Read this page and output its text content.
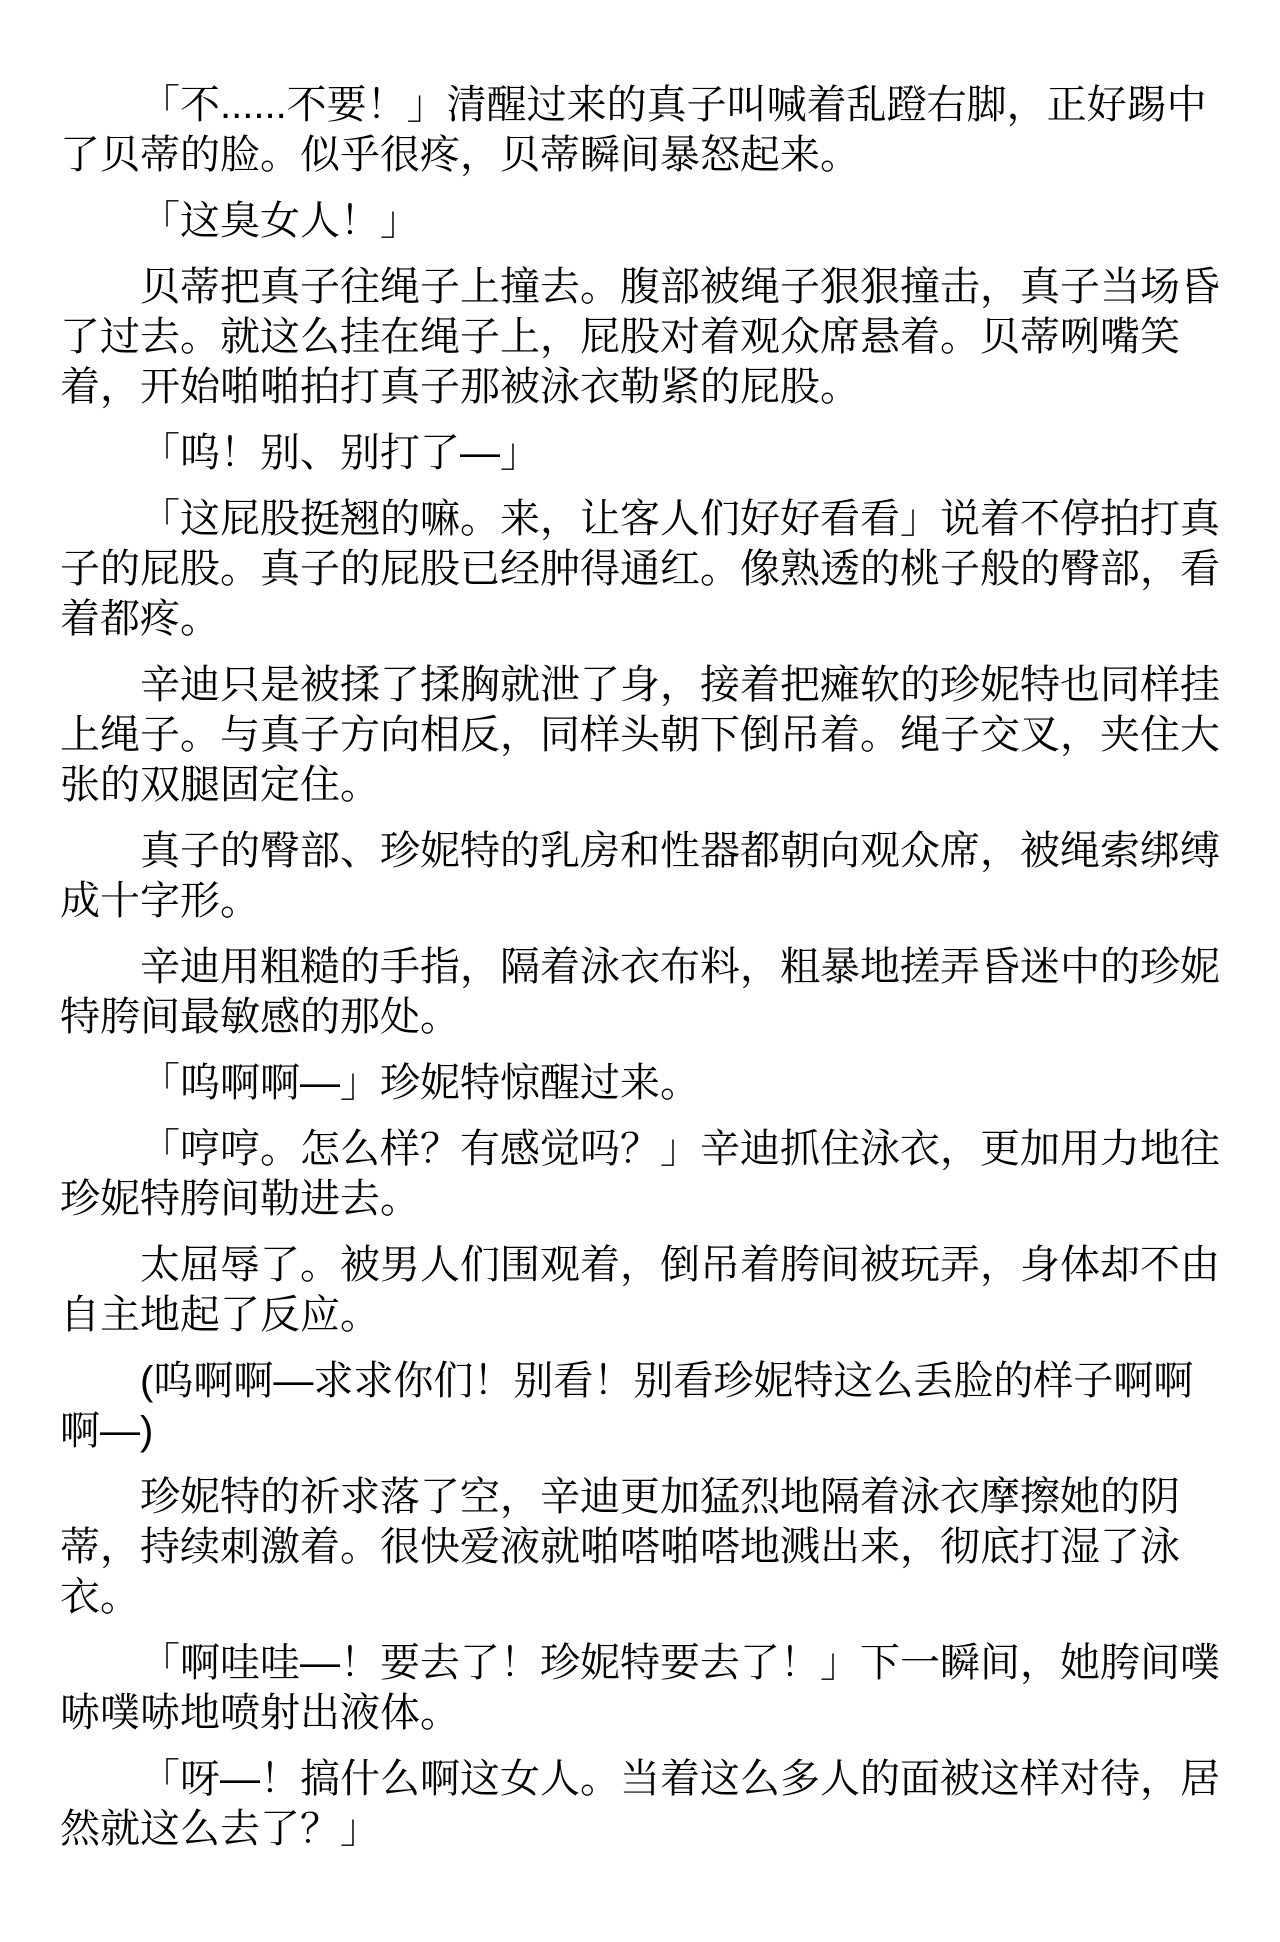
「不......不要！」清醒过来的真子叫喊着乱蹬右脚，正好踢中
了贝蒂的脸。似乎很疼，贝蒂瞬间暴怒起来。

「这臭女人！」

贝蒂把真子往绳子上撞去。腹部被绳子狠狠撞击，真子当场昏
了过去。就这么挂在绳子上，屁股对着观众席悬着。贝蒂咧嘴笑
着，开始啪啪拍打真子那被泳衣勒紧的屁股。

「呜！别、别打了—」

「这屁股挺翘的嘛。来，让客人们好好看看」说着不停拍打真
子的屁股。真子的屁股已经肿得通红。像熟透的桃子般的臀部，看
着都疼。

辛迪只是被揉了揉胸就泄了身，接着把瘫软的珍妮特也同样挂
上绳子。与真子方向相反，同样头朝下倒吊着。绳子交叉，夹住大
张的双腿固定住。

真子的臀部、珍妮特的乳房和性器都朝向观众席，被绳索绑缚
成十字形。

辛迪用粗糙的手指，隔着泳衣布料，粗暴地搓弄昏迷中的珍妮
特胯间最敏感的那处。

「呜啊啊—」珍妮特惊醒过来。

「哼哼。怎么样？有感觉吗？」辛迪抓住泳衣，更加用力地往
珍妮特胯间勒进去。

太屈辱了。被男人们围观着，倒吊着胯间被玩弄，身体却不由
自主地起了反应。

(呜啊啊—求求你们！别看！别看珍妮特这么丢脸的样子啊啊
啊—)

珍妮特的祈求落了空，辛迪更加猛烈地隔着泳衣摩擦她的阴
蒂，持续刺激着。很快爱液就啪嗒啪嗒地溅出来，彻底打湿了泳
衣。

「啊哇哇—！要去了！珍妮特要去了！」下一瞬间，她胯间噗
哧噗哧地喷射出液体。

「呀—！搞什么啊这女人。当着这么多人的面被这样对待，居
然就这么去了？」
